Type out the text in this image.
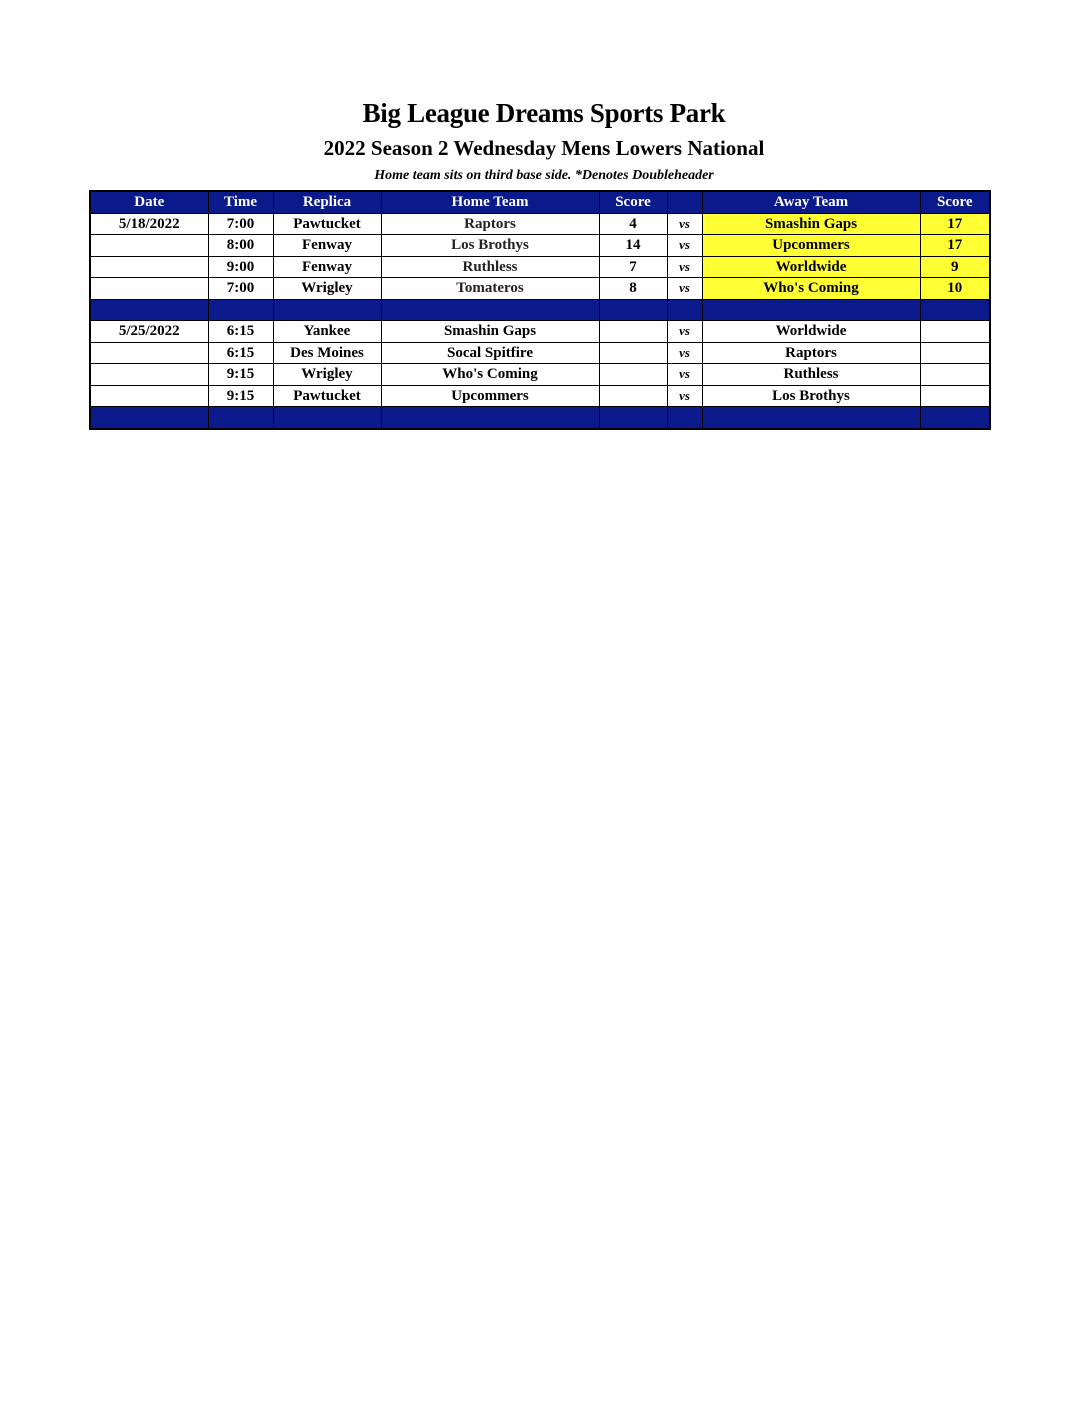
Big League Dreams Sports Park
2022 Season 2 Wednesday Mens Lowers National
Home team sits on third base side. *Denotes Doubleheader
Date	Time	Replica	Home Team	Score		Away Team	Score
5/18/2022	7:00	Pawtucket	Raptors	4	vs	Smashin Gaps	17
	8:00	Fenway	Los Brothys	14	vs	Upcommers	17
	9:00	Fenway	Ruthless	7	vs	Worldwide	9
	7:00	Wrigley	Tomateros	8	vs	Who's Coming	10

5/25/2022	6:15	Yankee	Smashin Gaps		vs	Worldwide	
	6:15	Des Moines	Socal Spitfire		vs	Raptors	
	9:15	Wrigley	Who's Coming		vs	Ruthless	
	9:15	Pawtucket	Upcommers		vs	Los Brothys	
